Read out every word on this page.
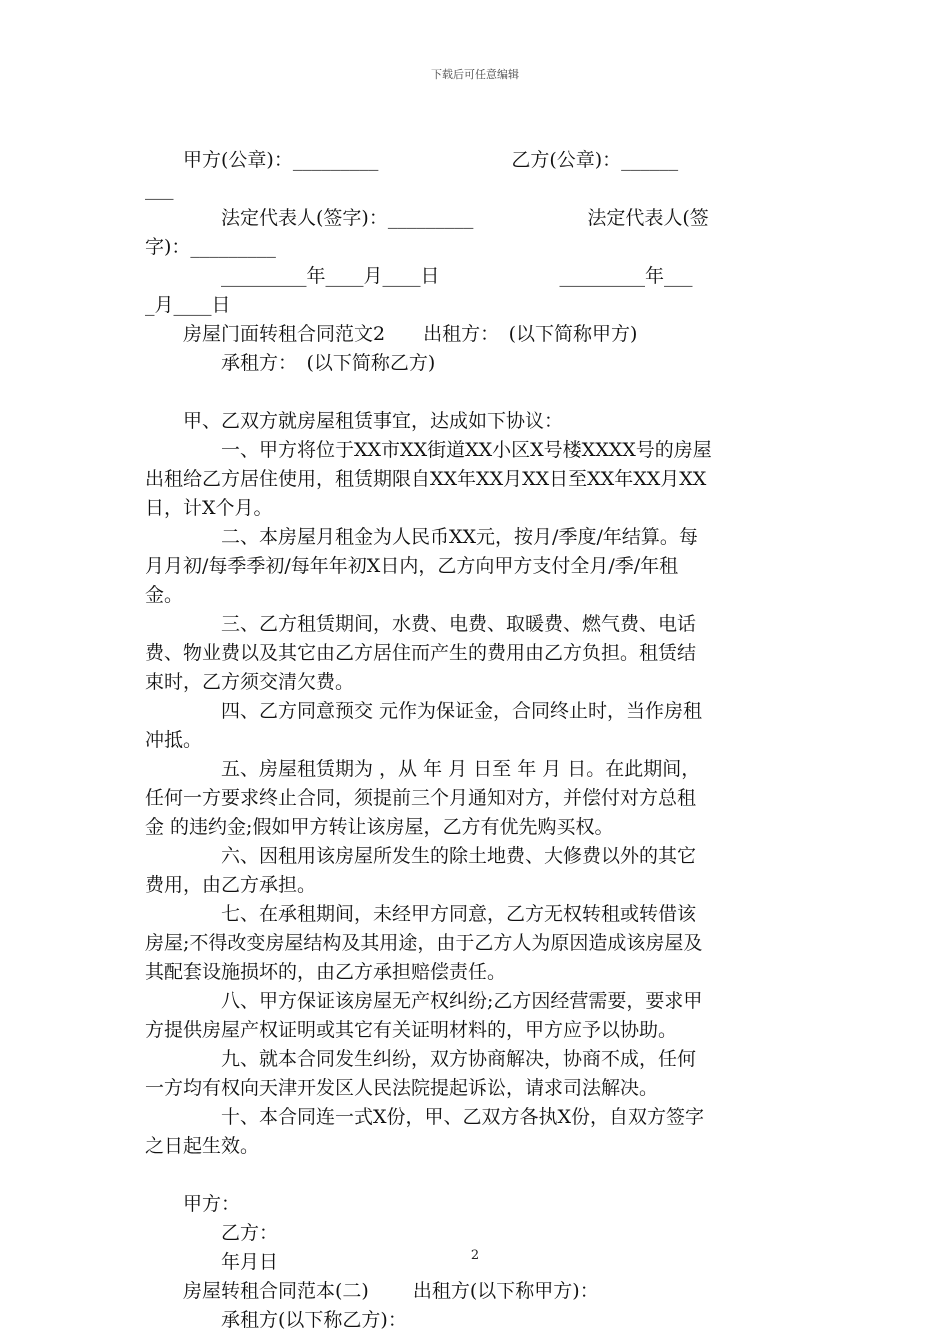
下载后可任意编辑
　　甲方(公章)：_________　　　　　　　乙方(公章)：______
___
　　　　法定代表人(签字)：_________　　　　　　法定代表人(签
字)：_________
　　　　_________年____月____日　　　　　　 _________年___
_月____日
　　房屋门面转租合同范文2　　出租方：　(以下简称甲方)
　　　　承租方：　(以下简称乙方)
　　甲、乙双方就房屋租赁事宜，达成如下协议：
　　　　一、甲方将位于XX市XX街道XX小区X号楼XXXX号的房屋
出租给乙方居住使用，租赁期限自XX年XX月XX日至XX年XX月XX
日，计X个月。
　　　　二、本房屋月租金为人民币XX元，按月/季度/年结算。每
月月初/每季季初/每年年初X日内，乙方向甲方支付全月/季/年租
金。
　　　　三、乙方租赁期间，水费、电费、取暖费、燃气费、电话
费、物业费以及其它由乙方居住而产生的费用由乙方负担。租赁结
束时，乙方须交清欠费。
　　　　四、乙方同意预交 元作为保证金，合同终止时，当作房租
冲抵。
　　　　五、房屋租赁期为 ，从 年 月 日至 年 月 日。在此期间，
任何一方要求终止合同，须提前三个月通知对方，并偿付对方总租
金 的违约金;假如甲方转让该房屋，乙方有优先购买权。
　　　　六、因租用该房屋所发生的除土地费、大修费以外的其它
费用，由乙方承担。
　　　　七、在承租期间，未经甲方同意，乙方无权转租或转借该
房屋;不得改变房屋结构及其用途，由于乙方人为原因造成该房屋及
其配套设施损坏的，由乙方承担赔偿责任。
　　　　八、甲方保证该房屋无产权纠纷;乙方因经营需要，要求甲
方提供房屋产权证明或其它有关证明材料的，甲方应予以协助。
　　　　九、就本合同发生纠纷，双方协商解决，协商不成，任何
一方均有权向天津开发区人民法院提起诉讼，请求司法解决。
　　　　十、本合同连一式X份，甲、乙双方各执X份，自双方签字
之日起生效。
　　甲方：
　　　　乙方：
　　　　年月日
　　房屋转租合同范本(二)　　 出租方(以下称甲方)：
　　　　承租方(以下称乙方)：
2
